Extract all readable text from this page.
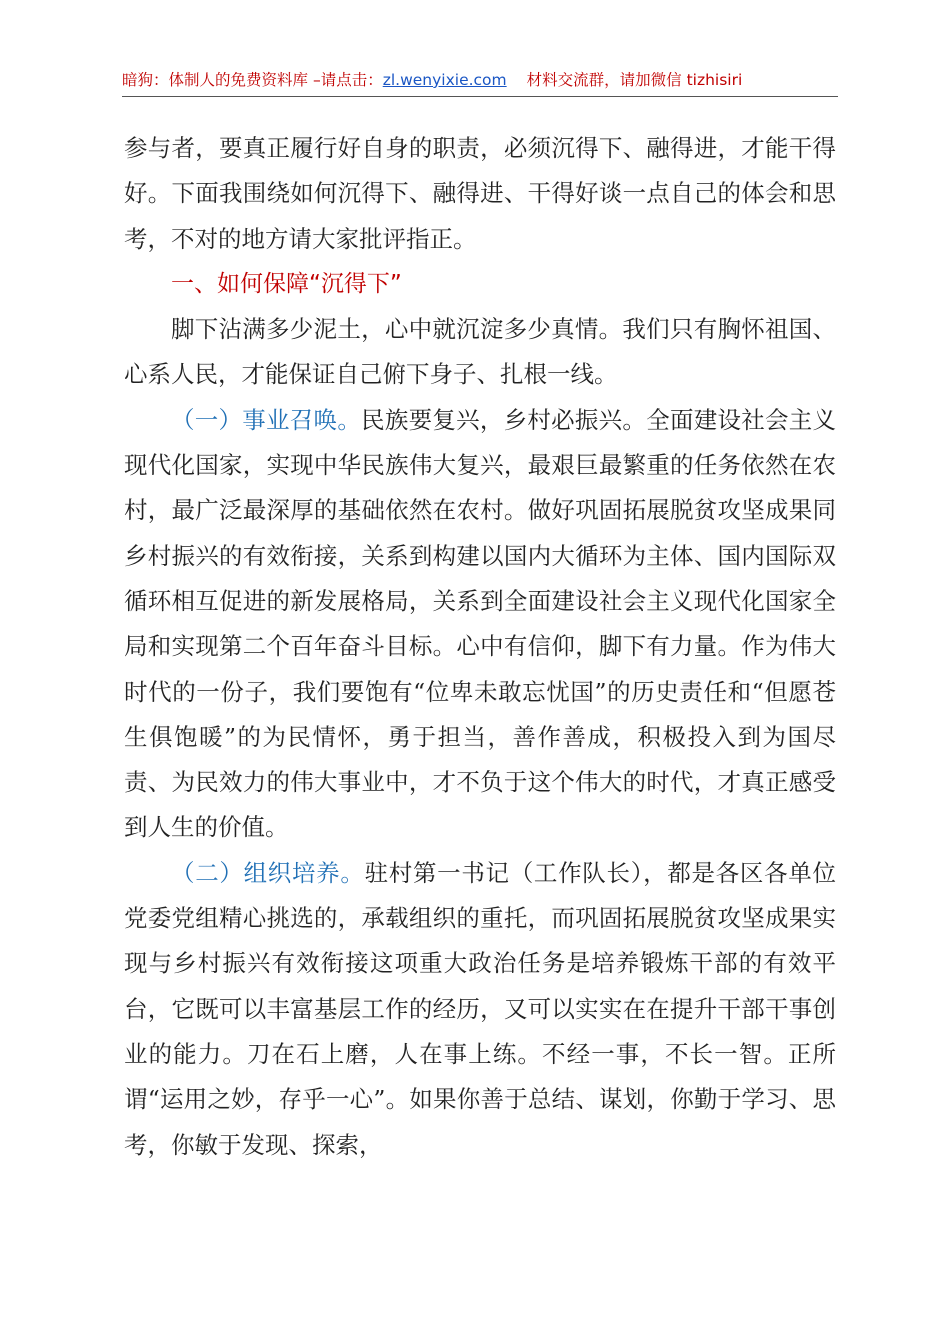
暗狗：体制人的免费资料库 –请点击：zl.wenyixie.com 材料交流群，请加微信 tizhisiri

参与者，要真正履行好自身的职责，必须沉得下、融得进，才能干得好。下面我围绕如何沉得下、融得进、干得好谈一点自己的体会和思考，不对的地方请大家批评指正。

一、如何保障“沉得下”

脚下沾满多少泥土，心中就沉淀多少真情。我们只有胸怀祖国、心系人民，才能保证自己俯下身子、扎根一线。

（一）事业召唤。民族要复兴，乡村必振兴。全面建设社会主义现代化国家，实现中华民族伟大复兴，最艰巨最繁重的任务依然在农村，最广泛最深厚的基础依然在农村。做好巩固拓展脱贫攻坚成果同乡村振兴的有效衔接，关系到构建以国内大循环为主体、国内国际双循环相互促进的新发展格局，关系到全面建设社会主义现代化国家全局和实现第二个百年奋斗目标。心中有信仰，脚下有力量。作为伟大时代的一份子，我们要饱有“位卑未敢忘忧国”的历史责任和“但愿苍生俱饱暖”的为民情怀，勇于担当，善作善成，积极投入到为国尽责、为民效力的伟大事业中，才不负于这个伟大的时代，才真正感受到人生的价值。

（二）组织培养。驻村第一书记（工作队长），都是各区各单位党委党组精心挑选的，承载组织的重托，而巩固拓展脱贫攻坚成果实现与乡村振兴有效衔接这项重大政治任务是培养锻炼干部的有效平台，它既可以丰富基层工作的经历，又可以实实在在提升干部干事创业的能力。刀在石上磨，人在事上练。不经一事，不长一智。正所谓“运用之妙，存乎一心”。如果你善于总结、谋划，你勤于学习、思考，你敏于发现、探索，
